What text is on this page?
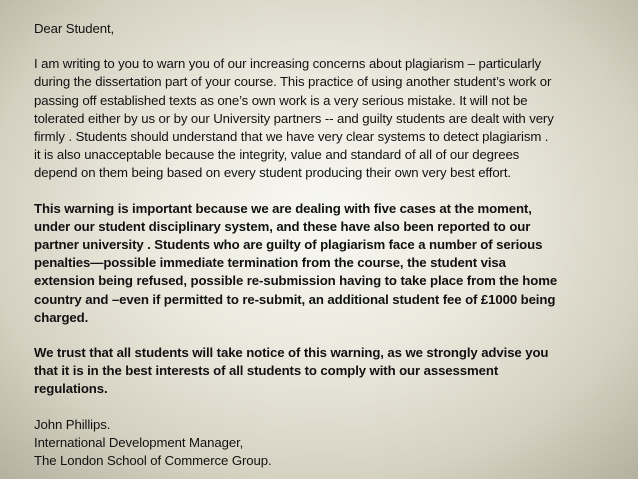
Dear Student,

I am writing to you to warn you of our increasing concerns about plagiarism – particularly
during the dissertation part of your course. This practice of using another student’s work or
passing off established texts as one’s own work is a very serious mistake. It will not be
tolerated either by us or by our University partners -- and guilty students are dealt with very
firmly . Students should understand that we have very clear systems to detect plagiarism .
it is also unacceptable because the integrity, value and standard of all of our degrees
depend on them being based on every student producing their own very best effort.

This warning is important because we are dealing with five cases at the moment,
under our student disciplinary system, and these have also been reported to our
partner university . Students who are guilty of plagiarism face a number of serious
penalties—possible immediate termination from the course, the student visa
extension being refused, possible re-submission having to take place from the home
country and –even if permitted to re-submit, an additional student fee of £1000 being
charged.

We trust that all students will take notice of this warning, as we strongly advise you
that it is in the best interests of all students to comply with our assessment
regulations.

John Phillips.

International Development Manager,

The London School of Commerce Group.
